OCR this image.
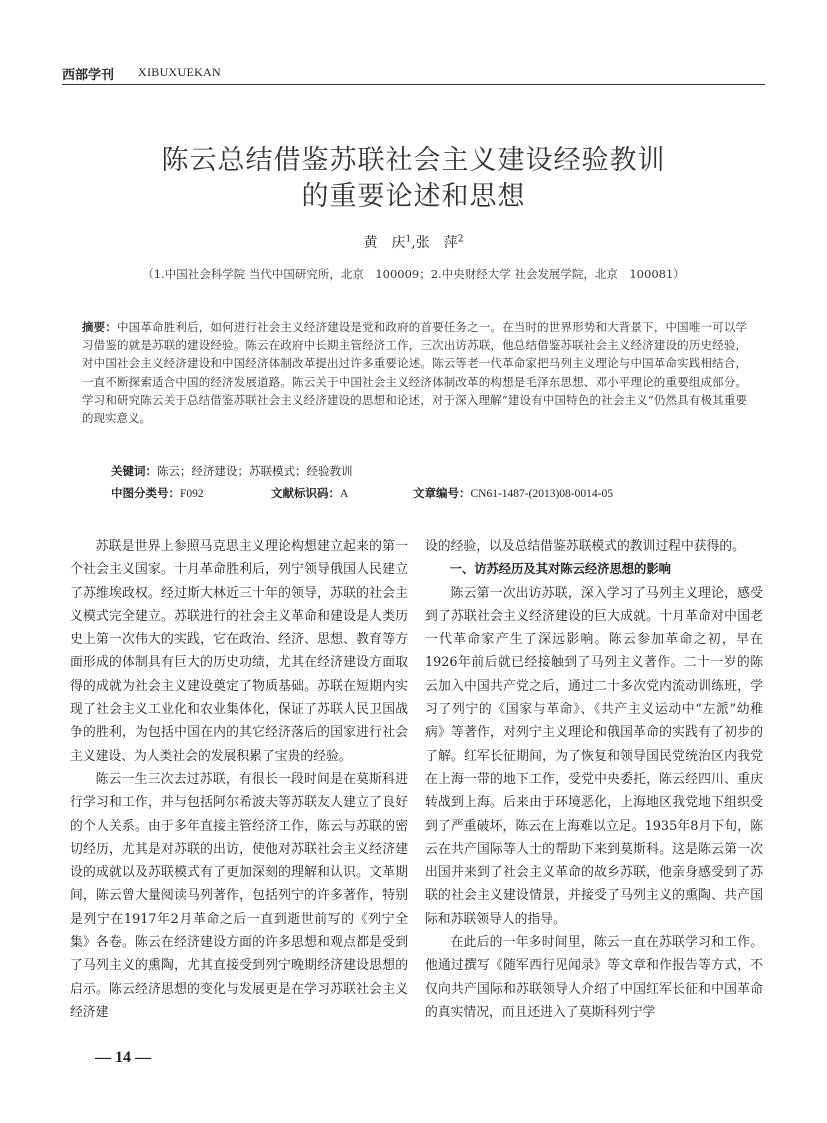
西部学刊 XIBUXUEKAN
陈云总结借鉴苏联社会主义建设经验教训
的重要论述和思想
黄　庆$^1$,张　萍$^2$
（1.中国社会科学院 当代中国研究所，北京　100009；2.中央财经大学 社会发展学院，北京　100081）
摘要：中国革命胜利后，如何进行社会主义经济建设是党和政府的首要任务之一。在当时的世界形势和大背景下，中国唯一可以学习借鉴的就是苏联的建设经验。陈云在政府中长期主管经济工作，三次出访苏联，他总结借鉴苏联社会主义经济建设的历史经验，对中国社会主义经济建设和中国经济体制改革提出过许多重要论述。陈云等老一代革命家把马列主义理论与中国革命实践相结合，一直不断探索适合中国的经济发展道路。陈云关于中国社会主义经济体制改革的构想是毛泽东思想、邓小平理论的重要组成部分。学习和研究陈云关于总结借鉴苏联社会主义经济建设的思想和论述，对于深入理解“建设有中国特色的社会主义”仍然具有极其重要的现实意义。
关键词：陈云；经济建设；苏联模式；经验教训
中图分类号：F092	文献标识码：A	文章编号：CN61-1487-(2013)08-0014-05

苏联是世界上参照马克思主义理论构想建立起来的第一个社会主义国家。十月革命胜利后，列宁领导俄国人民建立了苏维埃政权。经过斯大林近三十年的领导，苏联的社会主义模式完全建立。苏联进行的社会主义革命和建设是人类历史上第一次伟大的实践，它在政治、经济、思想、教育等方面形成的体制具有巨大的历史功绩，尤其在经济建设方面取得的成就为社会主义建设奠定了物质基础。苏联在短期内实现了社会主义工业化和农业集体化，保证了苏联人民卫国战争的胜利，为包括中国在内的其它经济落后的国家进行社会主义建设、为人类社会的发展积累了宝贵的经验。

陈云一生三次去过苏联，有很长一段时间是在莫斯科进行学习和工作，并与包括阿尔希波夫等苏联友人建立了良好的个人关系。由于多年直接主管经济工作，陈云与苏联的密切经历，尤其是对苏联的出访，使他对苏联社会主义经济建设的成就以及苏联模式有了更加深刻的理解和认识。文革期间，陈云曾大量阅读马列著作，包括列宁的许多著作，特别是列宁在1917年2月革命之后一直到逝世前写的《列宁全集》各卷。陈云在经济建设方面的许多思想和观点都是受到了马列主义的熏陶，尤其直接受到列宁晚期经济建设思想的启示。陈云经济思想的变化与发展更是在学习苏联社会主义经济建

设的经验，以及总结借鉴苏联模式的教训过程中获得的。

一、访苏经历及其对陈云经济思想的影响

陈云第一次出访苏联，深入学习了马列主义理论，感受到了苏联社会主义经济建设的巨大成就。十月革命对中国老一代革命家产生了深远影响。陈云参加革命之初，早在1926年前后就已经接触到了马列主义著作。二十一岁的陈云加入中国共产党之后，通过二十多次党内流动训练班，学习了列宁的《国家与革命》、《共产主义运动中“左派”幼稚病》等著作，对列宁主义理论和俄国革命的实践有了初步的了解。红军长征期间，为了恢复和领导国民党统治区内我党在上海一带的地下工作，受党中央委托，陈云经四川、重庆转战到上海。后来由于环境恶化，上海地区我党地下组织受到了严重破坏，陈云在上海难以立足。1935年8月下旬，陈云在共产国际等人士的帮助下来到莫斯科。这是陈云第一次出国并来到了社会主义革命的故乡苏联，他亲身感受到了苏联的社会主义建设情景，并接受了马列主义的熏陶、共产国际和苏联领导人的指导。

在此后的一年多时间里，陈云一直在苏联学习和工作。他通过撰写《随军西行见闻录》等文章和作报告等方式，不仅向共产国际和苏联领导人介绍了中国红军长征和中国革命的真实情况，而且还进入了莫斯科列宁学

— 14 —
